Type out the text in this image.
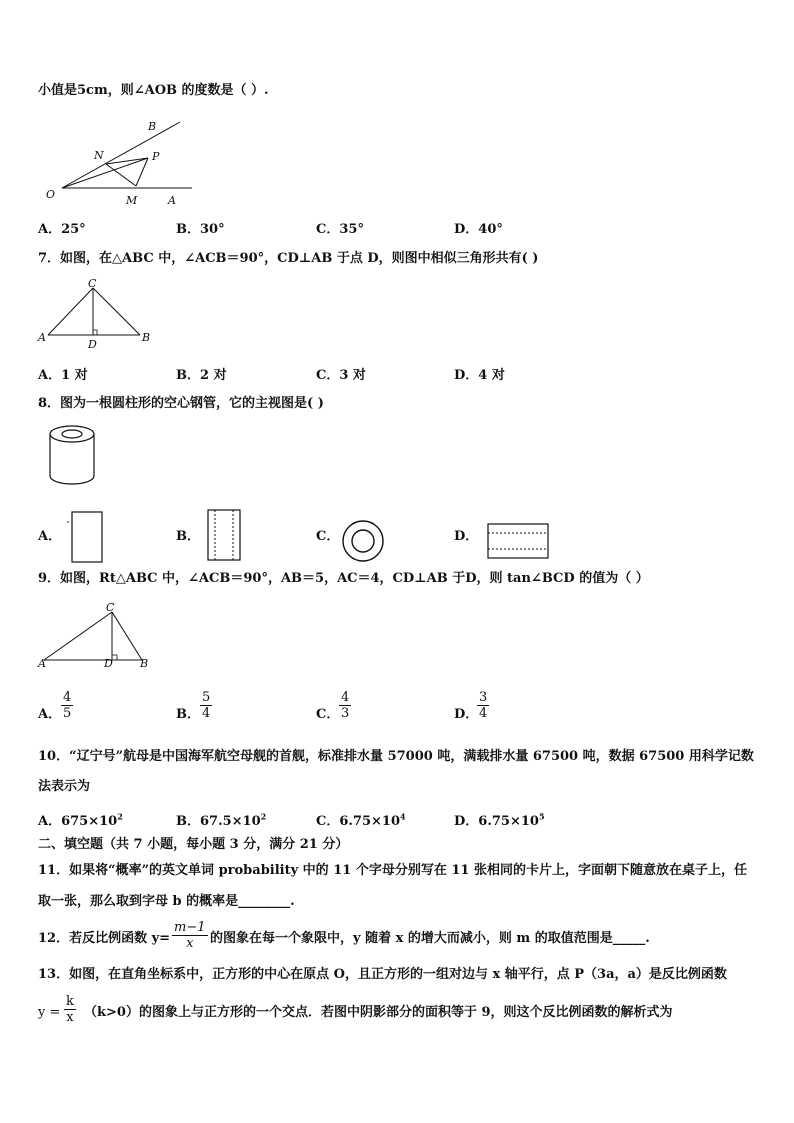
小值是5cm，则∠AOB 的度数是（ ）.
B
N	P
O	M	A
A．25°	B．30°	C．35°	D．40°
7．如图，在△ABC 中，∠ACB＝90°，CD⊥AB 于点 D，则图中相似三角形共有( )
C
A
D
B
A．1 对	B．2 对	C．3 对	D．4 对
8．图为一根圆柱形的空心钢管，它的主视图是( )
A．	B．	C．	D．
9．如图，Rt△ABC 中，∠ACB＝90°，AB＝5，AC＝4，CD⊥AB 于D，则 tan∠BCD 的值为（ ）
C
A	D B
A． $\frac{4}{5}$	B． $\frac{5}{4}$	C． $\frac{4}{3}$	D．
$\frac{3}{4}$
10．“辽宁号”航母是中国海军航空母舰的首舰，标准排水量 57000 吨，满载排水量 67500 吨，数据 67500 用科学记数
法表示为
A．$675\times 10^2$	B．$67.5\times 10^2$	C．$6.75\times 10^4$	D．$6.75\times 10^5$
二、填空题（共 7 小题，每小题 3 分，满分 21 分）
11．如果将“概率”的英文单词 probability 中的 11 个字母分别写在 11 张相同的卡片上，字面朝下随意放在桌子上，任
取一张，那么取到字母 b 的概率是________.
12．若反比例函数 $y= \frac{m-1}{x}$ 的图象在每一个象限中，y 随着 x 的增大而减小，则 m 的取值范围是_____.
13．如图，在直角坐标系中，正方形的中心在原点 O，且正方形的一组对边与 x 轴平行，点 P（3a，a）是反比例函数
$y = \frac{k}{x} (k>0)$的图象上与正方形的一个交点．若图中阴影部分的面积等于 9，则这个反比例函数的解析式为
